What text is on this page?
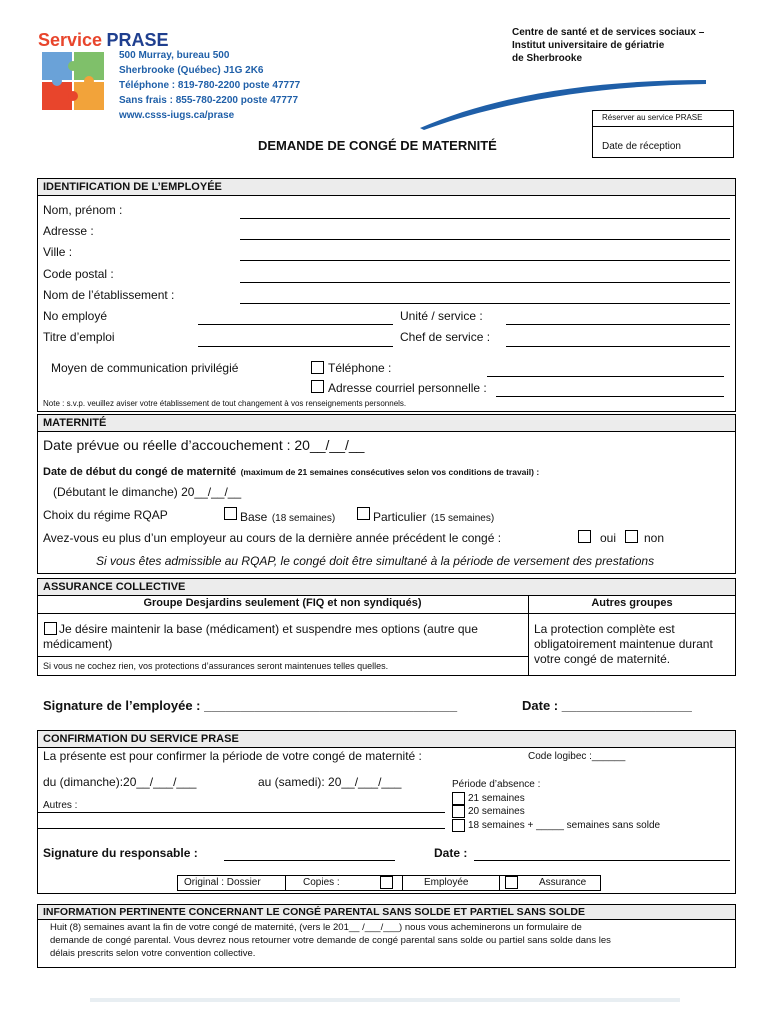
Service PRASE
500 Murray, bureau 500
Sherbrooke (Québec) J1G 2K6
Téléphone : 819-780-2200 poste 47777
Sans frais : 855-780-2200 poste 47777
www.csss-iugs.ca/prase
Centre de santé et de services sociaux –
Institut universitaire de gériatrie
de Sherbrooke
Réserver au service PRASE
Date de réception
DEMANDE DE CONGÉ DE MATERNITÉ
IDENTIFICATION DE L’EMPLOYÉE
Nom, prénom :
Adresse :
Ville :
Code postal :
Nom de l’établissement :
No employé	Unité / service :
Titre d’emploi	Chef de service :
Moyen de communication privilégié	Téléphone :
Adresse courriel personnelle :
Note : s.v.p. veuillez aviser votre établissement de tout changement à vos renseignements personnels.
MATERNITÉ
Date prévue ou réelle d’accouchement : 20__/__/__
Date de début du congé de maternité (maximum de 21 semaines consécutives selon vos conditions de travail) :
(Débutant le dimanche) 20__/__/__
Choix du régime RQAP	Base (18 semaines)	Particulier (15 semaines)
Avez-vous eu plus d’un employeur au cours de la dernière année précédent le congé :	oui non
Si vous êtes admissible au RQAP, le congé doit être simultané à la période de versement des prestations
ASSURANCE COLLECTIVE
Groupe Desjardins seulement (FIQ et non syndiqués)	Autres groupes
Je désire maintenir la base (médicament) et suspendre mes options (autre que médicament)
Si vous ne cochez rien, vos protections d’assurances seront maintenues telles quelles.
La protection complète est obligatoirement maintenue durant votre congé de maternité.
Signature de l’employée : ___________________________________	Date : __________________
CONFIRMATION DU SERVICE PRASE
La présente est pour confirmer la période de votre congé de maternité :	Code logibec :______
du (dimanche):20__/___/___	au (samedi): 20__/___/___	Période d’absence :
21 semaines
20 semaines
18 semaines + _____ semaines sans solde
Autres :
Signature du responsable :	Date :
Original : Dossier	Copies :	Employée	Assurance
INFORMATION PERTINENTE CONCERNANT LE CONGÉ PARENTAL SANS SOLDE ET PARTIEL SANS SOLDE
Huit (8) semaines avant la fin de votre congé de maternité, (vers le 201__ /___/___) nous vous acheminerons un formulaire de
demande de congé parental. Vous devrez nous retourner votre demande de congé parental sans solde ou partiel sans solde dans les
délais prescrits selon votre convention collective.
